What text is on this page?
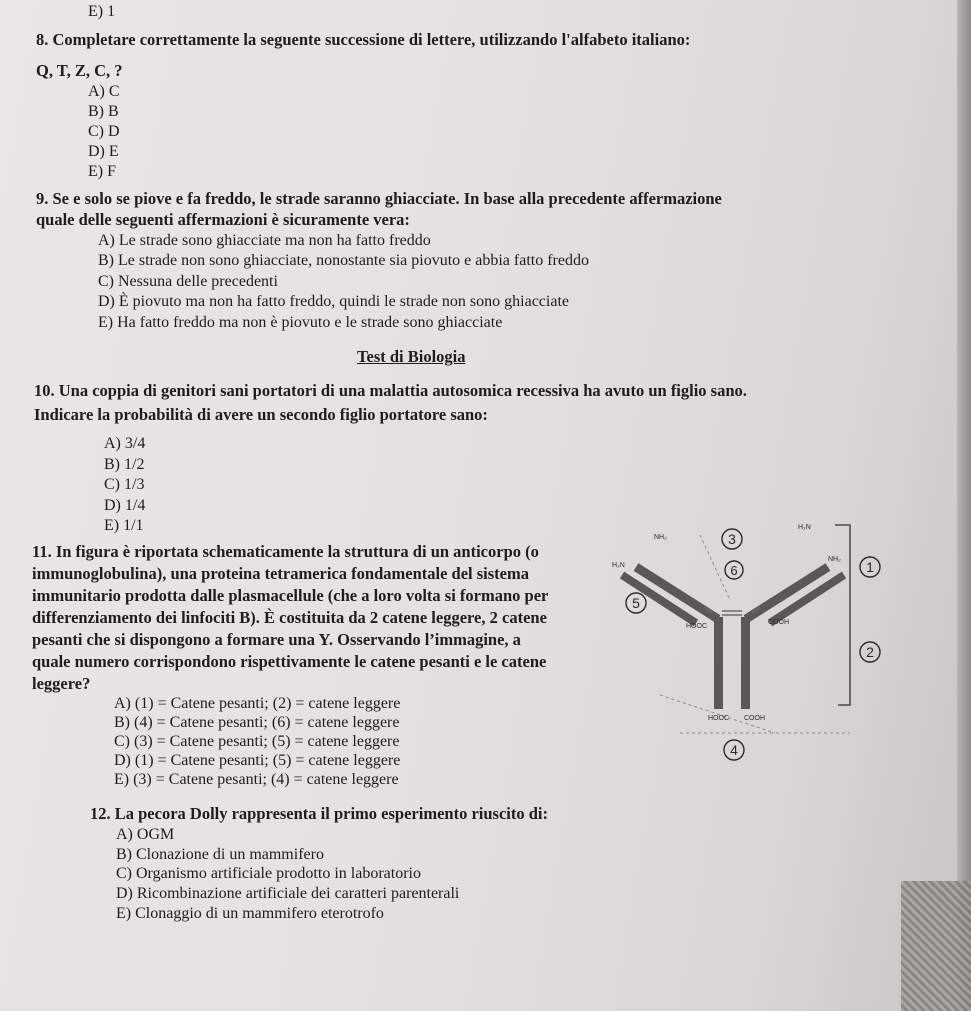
E) 1
8. Completare correttamente la seguente successione di lettere, utilizzando l'alfabeto italiano:
Q, T, Z, C, ?
A) C
B) B
C) D
D) E
E) F
9. Se e solo se piove e fa freddo, le strade saranno ghiacciate. In base alla precedente affermazione
quale delle seguenti affermazioni è sicuramente vera:
A) Le strade sono ghiacciate ma non ha fatto freddo
B) Le strade non sono ghiacciate, nonostante sia piovuto e abbia fatto freddo
C) Nessuna delle precedenti
D) È piovuto ma non ha fatto freddo, quindi le strade non sono ghiacciate
E) Ha fatto freddo ma non è piovuto e le strade sono ghiacciate
Test di Biologia
10. Una coppia di genitori sani portatori di una malattia autosomica recessiva ha avuto un figlio sano.
Indicare la probabilità di avere un secondo figlio portatore sano:
A) 3/4
B) 1/2
C) 1/3
D) 1/4
E) 1/1
11. In figura è riportata schematicamente la struttura di un anticorpo (o
immunoglobulina), una proteina tetramerica fondamentale del sistema
immunitario prodotta dalle plasmacellule (che a loro volta si formano per
differenziamento dei linfociti B). È costituita da 2 catene leggere, 2 catene
pesanti che si dispongono a formare una Y. Osservando l’immagine, a
quale numero corrispondono rispettivamente le catene pesanti e le catene
leggere?
A) (1) = Catene pesanti; (2) = catene leggere
B) (4) = Catene pesanti; (6) = catene leggere
C) (3) = Catene pesanti; (5) = catene leggere
D) (1) = Catene pesanti; (5) = catene leggere
E) (3) = Catene pesanti; (4) = catene leggere
NH₂
H₂N
H₂N
NH₂
HOOC
COOH
HOOC COOH
3
6
5
1
2
4
12. La pecora Dolly rappresenta il primo esperimento riuscito di:
A) OGM
B) Clonazione di un mammifero
C) Organismo artificiale prodotto in laboratorio
D) Ricombinazione artificiale dei caratteri parenterali
E) Clonaggio di un mammifero eterotrofo
